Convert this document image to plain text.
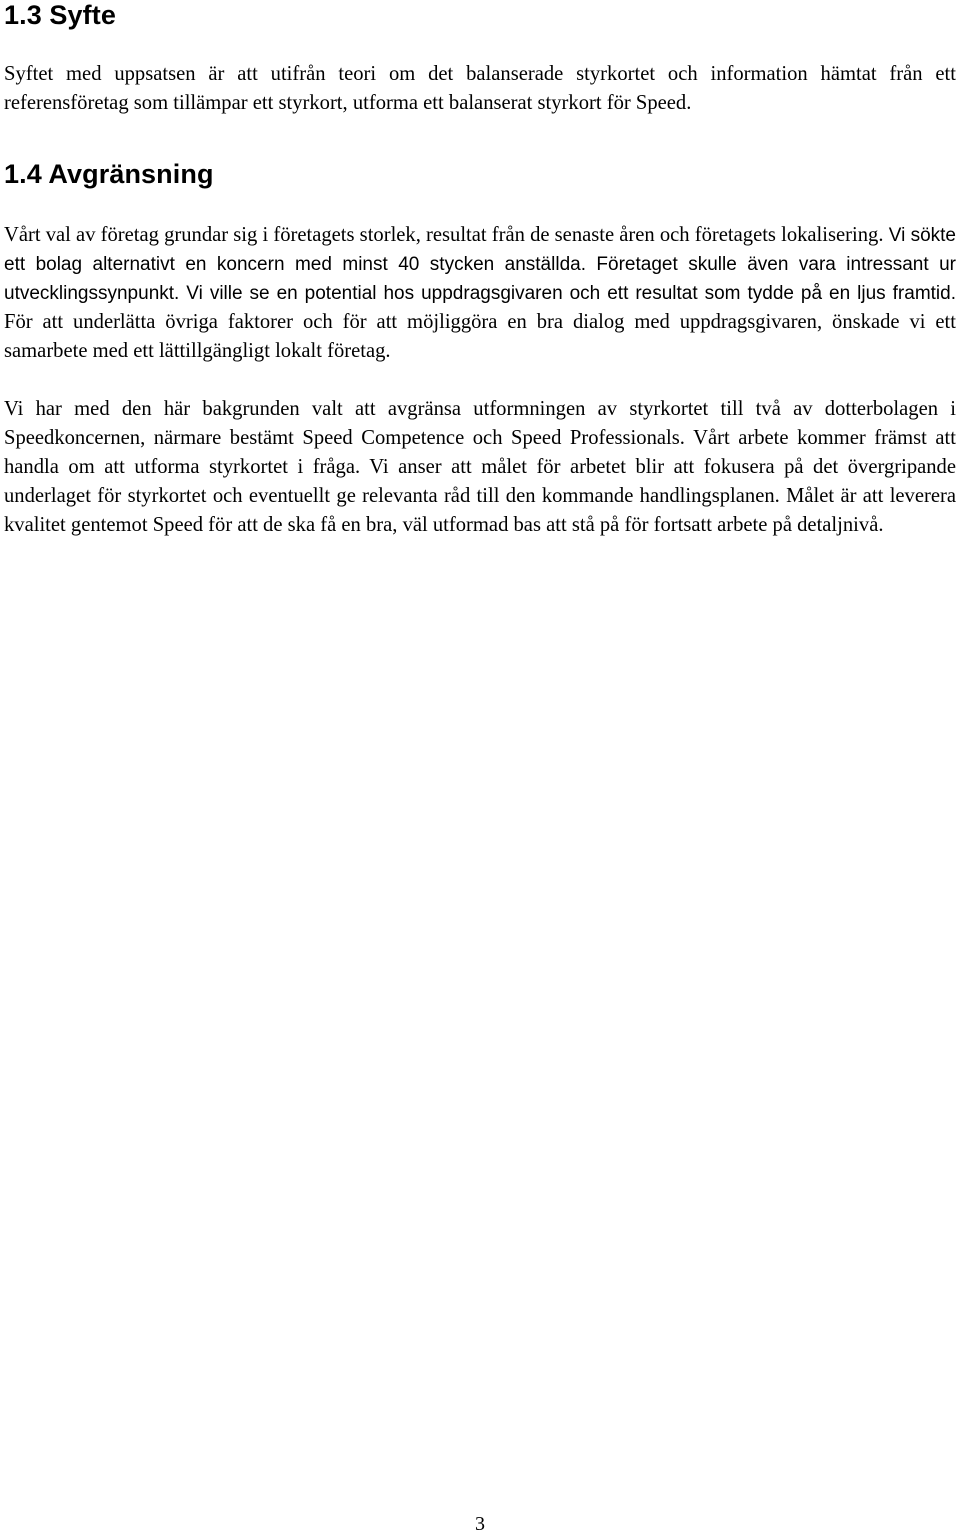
1.3 Syfte

Syftet med uppsatsen är att utifrån teori om det balanserade styrkortet och information hämtat från ett referensföretag som tillämpar ett styrkort, utforma ett balanserat styrkort för Speed.

1.4 Avgränsning

Vårt val av företag grundar sig i företagets storlek, resultat från de senaste åren och företagets lokalisering. Vi sökte ett bolag alternativt en koncern med minst 40 stycken anställda. Företaget skulle även vara intressant ur utvecklingssynpunkt. Vi ville se en potential hos uppdragsgivaren och ett resultat som tydde på en ljus framtid. För att underlätta övriga faktorer och för att möjliggöra en bra dialog med uppdragsgivaren, önskade vi ett samarbete med ett lättillgängligt lokalt företag.

Vi har med den här bakgrunden valt att avgränsa utformningen av styrkortet till två av dotterbolagen i Speedkoncernen, närmare bestämt Speed Competence och Speed Professionals. Vårt arbete kommer främst att handla om att utforma styrkortet i fråga. Vi anser att målet för arbetet blir att fokusera på det övergripande underlaget för styrkortet och eventuellt ge relevanta råd till den kommande handlingsplanen. Målet är att leverera kvalitet gentemot Speed för att de ska få en bra, väl utformad bas att stå på för fortsatt arbete på detaljnivå.

3
